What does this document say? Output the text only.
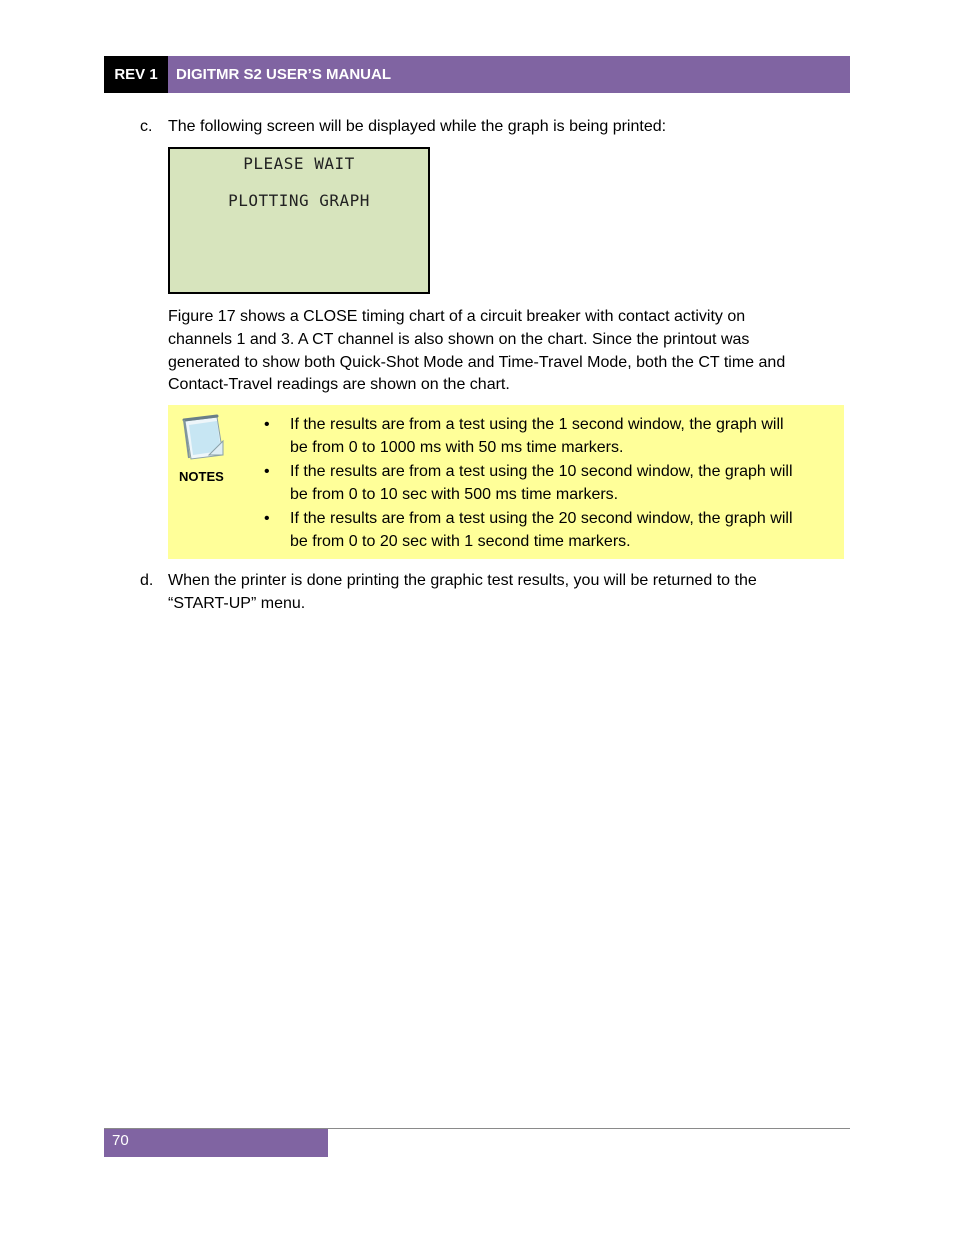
REV 1	DIGITMR S2 USER’S MANUAL
c. The following screen will be displayed while the graph is being printed:
PLEASE WAIT
PLOTTING GRAPH
Figure 17 shows a CLOSE timing chart of a circuit breaker with contact activity on
channels 1 and 3. A CT channel is also shown on the chart. Since the printout was
generated to show both Quick-Shot Mode and Time-Travel Mode, both the CT time and
Contact-Travel readings are shown on the chart.
NOTES
• If the results are from a test using the 1 second window, the graph will
be from 0 to 1000 ms with 50 ms time markers.
• If the results are from a test using the 10 second window, the graph will
be from 0 to 10 sec with 500 ms time markers.
• If the results are from a test using the 20 second window, the graph will
be from 0 to 20 sec with 1 second time markers.
d. When the printer is done printing the graphic test results, you will be returned to the
“START-UP” menu.
70
